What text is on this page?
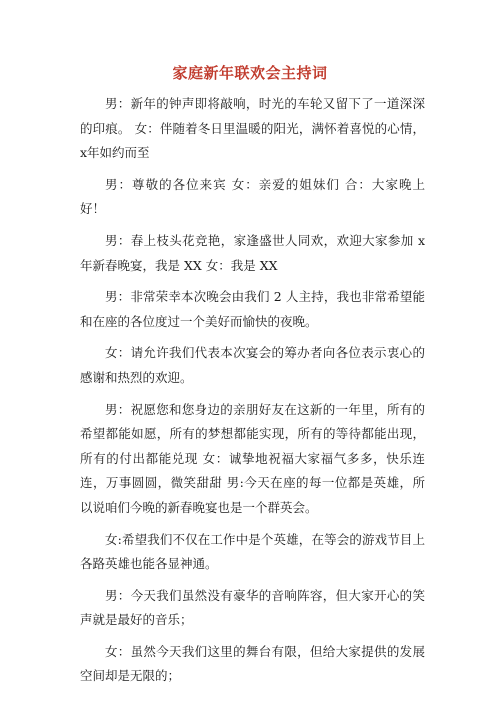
家庭新年联欢会主持词

男：新年的钟声即将敲响，时光的车轮又留下了一道深深的印痕。 女：伴随着冬日里温暖的阳光，满怀着喜悦的心情， x年如约而至

男：尊敬的各位来宾 女：亲爱的姐妹们 合：大家晚上好！

男：春上枝头花竞艳，家逢盛世人同欢，欢迎大家参加 x年新春晚宴，我是 XX 女：我是 XX

男：非常荣幸本次晚会由我们 2 人主持，我也非常希望能和在座的各位度过一个美好而愉快的夜晚。

女：请允许我们代表本次宴会的筹办者向各位表示衷心的感谢和热烈的欢迎。

男：祝愿您和您身边的亲朋好友在这新的一年里，所有的希望都能如愿，所有的梦想都能实现，所有的等待都能出现，所有的付出都能兑现 女：诚挚地祝福大家福气多多，快乐连连，万事圆圆，微笑甜甜 男:今天在座的每一位都是英雄，所以说咱们今晚的新春晚宴也是一个群英会。

女:希望我们不仅在工作中是个英雄，在等会的游戏节目上各路英雄也能各显神通。

男：今天我们虽然没有豪华的音响阵容，但大家开心的笑声就是最好的音乐；

女：虽然今天我们这里的舞台有限，但给大家提供的发展空间却是无限的；
